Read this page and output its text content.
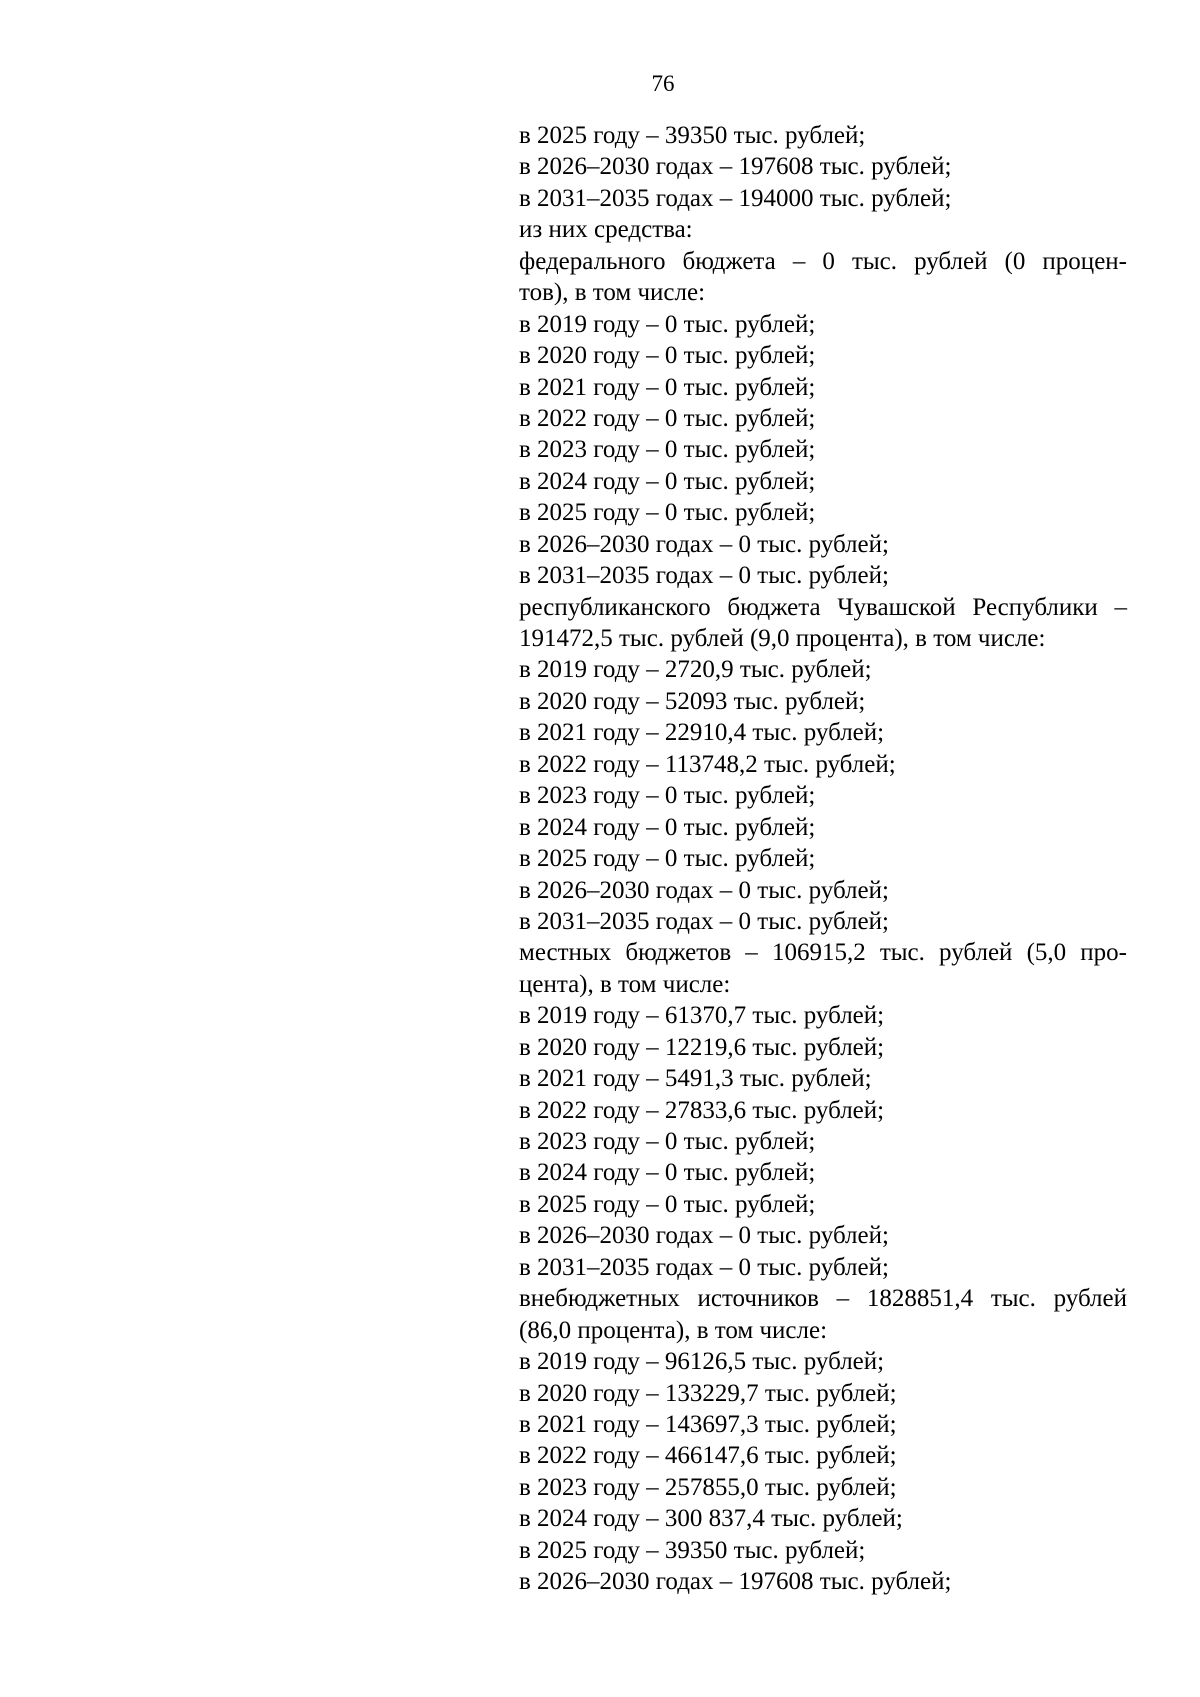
76
в 2025 году – 39350 тыс. рублей;
в 2026–2030 годах – 197608 тыс. рублей;
в 2031–2035 годах – 194000 тыс. рублей;
из них средства:
федерального бюджета – 0 тыс. рублей (0 процен-
тов), в том числе:
в 2019 году – 0 тыс. рублей;
в 2020 году – 0 тыс. рублей;
в 2021 году – 0 тыс. рублей;
в 2022 году – 0 тыс. рублей;
в 2023 году – 0 тыс. рублей;
в 2024 году – 0 тыс. рублей;
в 2025 году – 0 тыс. рублей;
в 2026–2030 годах – 0 тыс. рублей;
в 2031–2035 годах – 0 тыс. рублей;
республиканского бюджета Чувашской Республики –
191472,5 тыс. рублей (9,0 процента), в том числе:
в 2019 году – 2720,9 тыс. рублей;
в 2020 году – 52093 тыс. рублей;
в 2021 году – 22910,4 тыс. рублей;
в 2022 году – 113748,2 тыс. рублей;
в 2023 году – 0 тыс. рублей;
в 2024 году – 0 тыс. рублей;
в 2025 году – 0 тыс. рублей;
в 2026–2030 годах – 0 тыс. рублей;
в 2031–2035 годах – 0 тыс. рублей;
местных бюджетов – 106915,2 тыс. рублей (5,0 про-
цента), в том числе:
в 2019 году – 61370,7 тыс. рублей;
в 2020 году – 12219,6 тыс. рублей;
в 2021 году – 5491,3 тыс. рублей;
в 2022 году – 27833,6 тыс. рублей;
в 2023 году – 0 тыс. рублей;
в 2024 году – 0 тыс. рублей;
в 2025 году – 0 тыс. рублей;
в 2026–2030 годах – 0 тыс. рублей;
в 2031–2035 годах – 0 тыс. рублей;
внебюджетных источников – 1828851,4 тыс. рублей
(86,0 процента), в том числе:
в 2019 году – 96126,5 тыс. рублей;
в 2020 году – 133229,7 тыс. рублей;
в 2021 году – 143697,3 тыс. рублей;
в 2022 году – 466147,6 тыс. рублей;
в 2023 году – 257855,0 тыс. рублей;
в 2024 году – 300 837,4 тыс. рублей;
в 2025 году – 39350 тыс. рублей;
в 2026–2030 годах – 197608 тыс. рублей;
